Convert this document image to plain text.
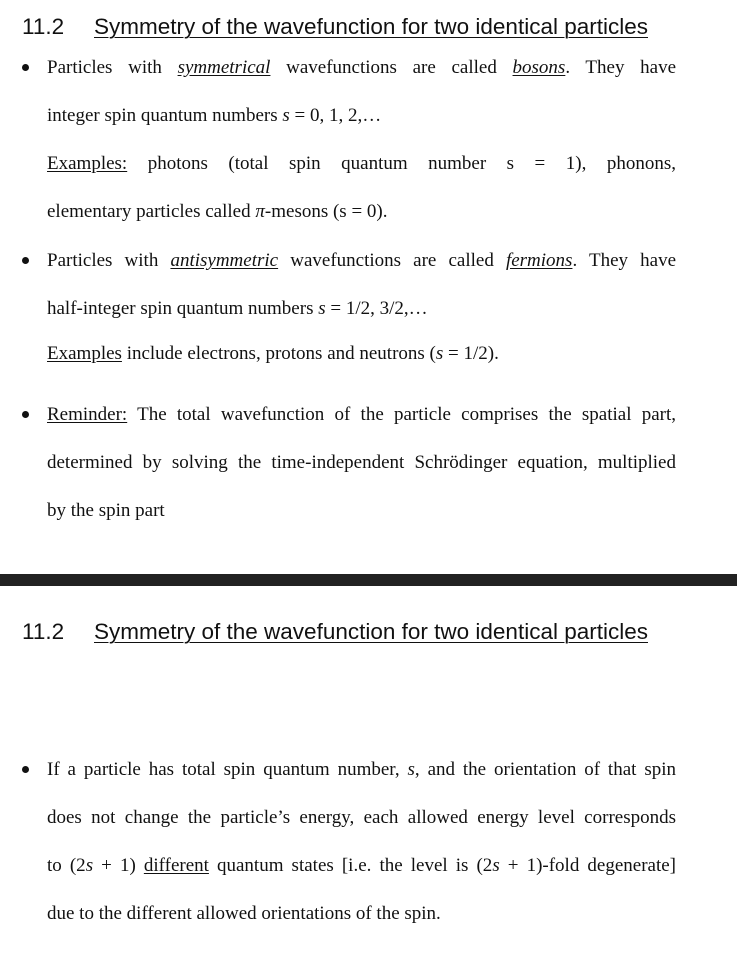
11.2 Symmetry of the wavefunction for two identical particles
Particles with symmetrical wavefunctions are called bosons. They have
integer spin quantum numbers s = 0, 1, 2,…
Examples: photons (total spin quantum number s = 1), phonons,
elementary particles called π-mesons (s = 0).
Particles with antisymmetric wavefunctions are called fermions. They have
half-integer spin quantum numbers s = 1/2, 3/2,…
Examples include electrons, protons and neutrons (s = 1/2).
Reminder: The total wavefunction of the particle comprises the spatial part,
determined by solving the time-independent Schrödinger equation, multiplied
by the spin part
11.2 Symmetry of the wavefunction for two identical particles
If a particle has total spin quantum number, s, and the orientation of that spin
does not change the particle’s energy, each allowed energy level corresponds
to (2s + 1) different quantum states [i.e. the level is (2s + 1)-fold degenerate]
due to the different allowed orientations of the spin.
